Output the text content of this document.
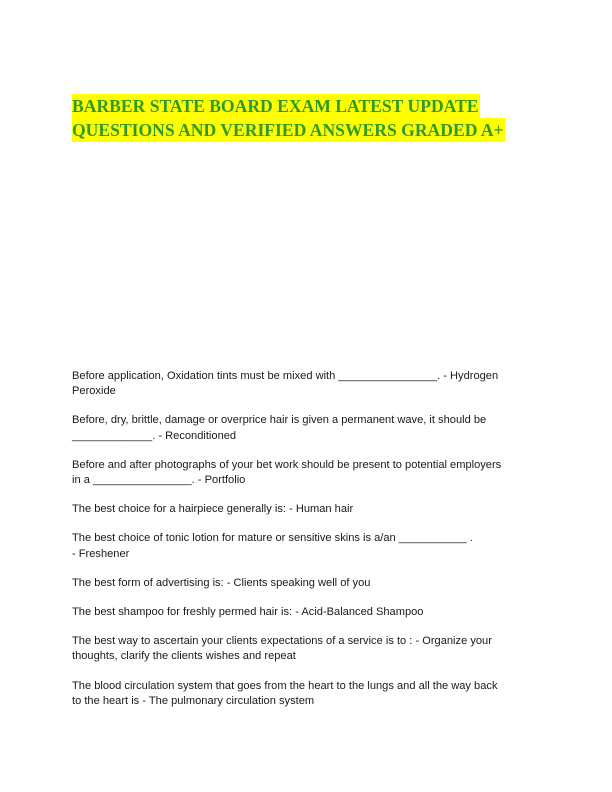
BARBER STATE BOARD EXAM LATEST UPDATE
QUESTIONS AND VERIFIED ANSWERS GRADED A+
Before application, Oxidation tints must be mixed with ________________. - Hydrogen
Peroxide
Before, dry, brittle, damage or overprice hair is given a permanent wave, it should be
_____________. - Reconditioned
Before and after photographs of your bet work should be present to potential employers
in a ________________. - Portfolio
The best choice for a hairpiece generally is: - Human hair
The best choice of tonic lotion for mature or sensitive skins is a/an ___________ .
- Freshener
The best form of advertising is: - Clients speaking well of you
The best shampoo for freshly permed hair is: - Acid-Balanced Shampoo
The best way to ascertain your clients expectations of a service is to : - Organize your
thoughts, clarify the clients wishes and repeat
The blood circulation system that goes from the heart to the lungs and all the way back
to the heart is - The pulmonary circulation system
